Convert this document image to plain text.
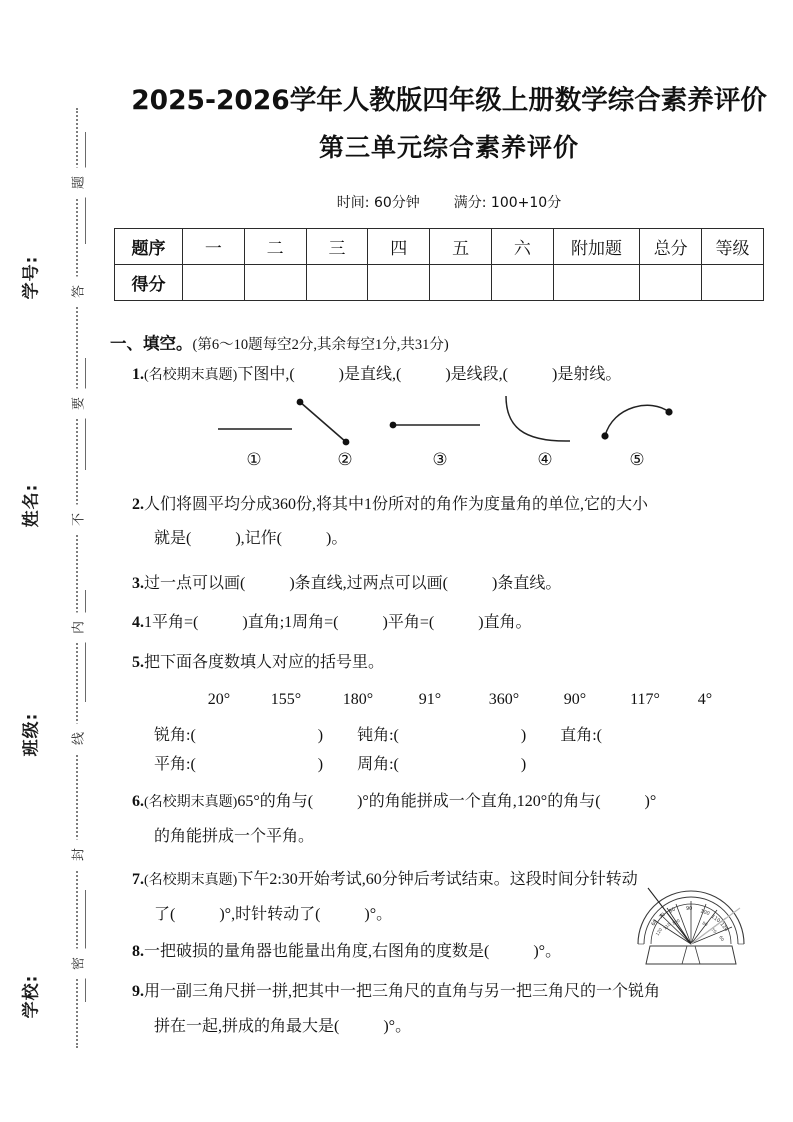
学号:
姓名:
班级:
学校:
题
答
要
不
内
线
封
密
2025-2026学年人教版四年级上册数学综合素养评价
第三单元综合素养评价
时间: 60分钟 满分: 100+10分
题序	一	二	三	四	五	六	附加题	总分	等级
得分									
一、填空。(第6～10题每空2分,其余每空1分,共31分)
1.(名校期末真题)下图中,(	)是直线,(	)是线段,(	)是射线。
①	②	③	④	⑤
2.人们将圆平均分成360份,将其中1份所对的角作为度量角的单位,它的大小
就是(	),记作(	)。
3.过一点可以画(	)条直线,过两点可以画(	)条直线。
4.1平角=(	)直角;1周角=(	)平角=(	)直角。
5.把下面各度数填人对应的括号里。
20°	155°	180°	91°	360°	90°	117° 4°
锐角:(	) 钝角:(	) 直角:(
平角:(	) 周角:(	)
6.(名校期末真题)65°的角与(	)°的角能拼成一个直角,120°的角与(	)°
的角能拼成一个平角。
7.(名校期末真题)下午2:30开始考试,60分钟后考试结束。这段时间分针转动
了(	)°,时针转动了(	)°。
8.一把破损的量角器也能量出角度,右图角的度数是(	)°。
9.用一副三角尺拼一拼,把其中一把三角尺的直角与另一把三角尺的一个锐角
拼在一起,拼成的角最大是(	)°。
60
70
80 90 100
110
120
120
110 100	80
70
60
